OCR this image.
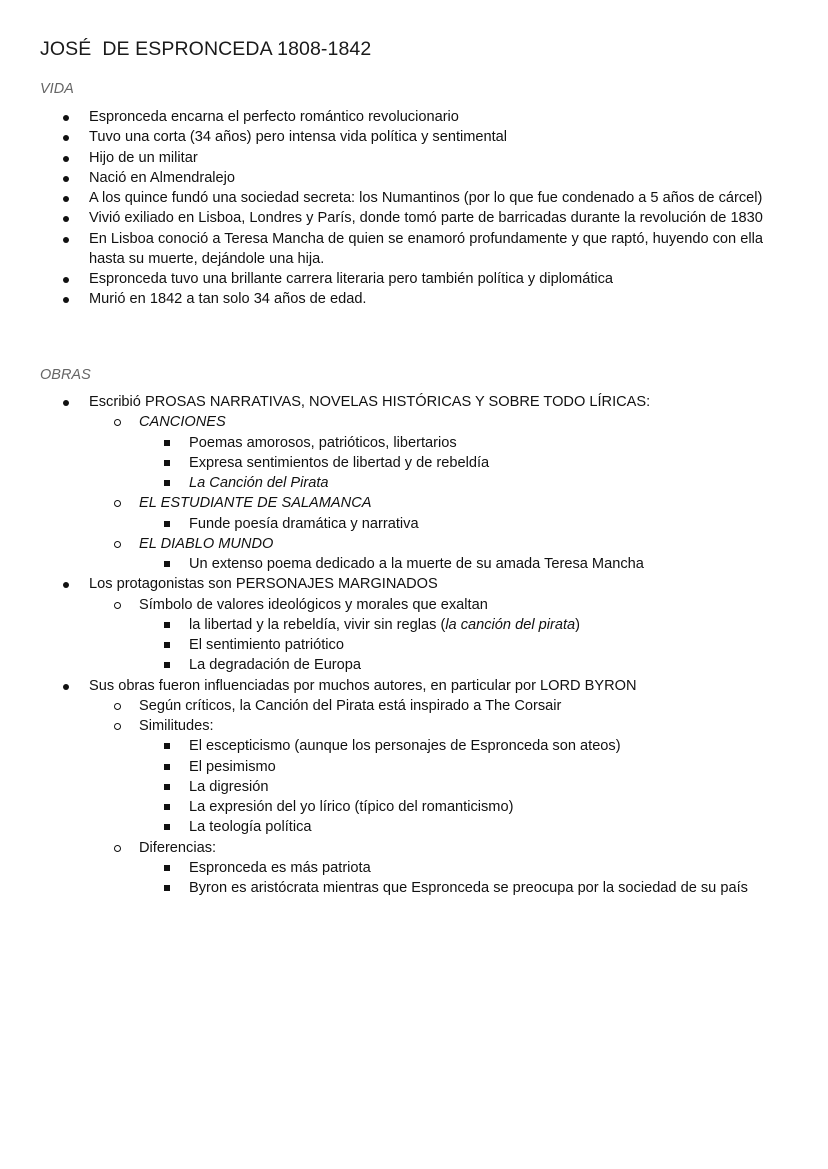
JOSÉ  DE ESPRONCEDA 1808-1842
VIDA
Espronceda encarna el perfecto romántico revolucionario
Tuvo una corta (34 años) pero intensa vida política y sentimental
Hijo de un militar
Nació en Almendralejo
A los quince fundó una sociedad secreta: los Numantinos (por lo que fue condenado a 5 años de cárcel)
Vivió exiliado en Lisboa, Londres y París, donde tomó parte de barricadas durante la revolución de 1830
En Lisboa conoció a Teresa Mancha de quien se enamoró profundamente y que raptó, huyendo con ella hasta su muerte, dejándole una hija.
Espronceda tuvo una brillante carrera literaria pero también política y diplomática
Murió en 1842 a tan solo 34 años de edad.
OBRAS
Escribió PROSAS NARRATIVAS, NOVELAS HISTÓRICAS Y SOBRE TODO LÍRICAS:
CANCIONES
Poemas amorosos, patrióticos, libertarios
Expresa sentimientos de libertad y de rebeldía
La Canción del Pirata
EL ESTUDIANTE DE SALAMANCA
Funde poesía dramática y narrativa
EL DIABLO MUNDO
Un extenso poema dedicado a la muerte de su amada Teresa Mancha
Los protagonistas son PERSONAJES MARGINADOS
Símbolo de valores ideológicos y morales que exaltan
la libertad y la rebeldía, vivir sin reglas (la canción del pirata)
El sentimiento patriótico
La degradación de Europa
Sus obras fueron influenciadas por muchos autores, en particular por LORD BYRON
Según críticos, la Canción del Pirata está inspirado a The Corsair
Similitudes:
El escepticismo (aunque los personajes de Espronceda son ateos)
El pesimismo
La digresión
La expresión del yo lírico (típico del romanticismo)
La teología política
Diferencias:
Espronceda es más patriota
Byron es aristócrata mientras que Espronceda se preocupa por la sociedad de su país
